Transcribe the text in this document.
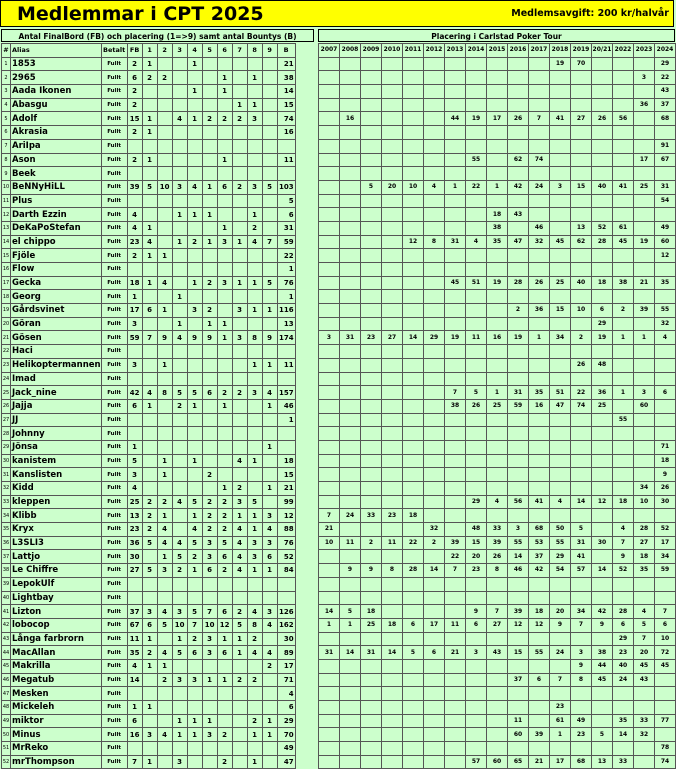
Medlemmar i CPT 2025	Medlemsavgift: 200 kr/halvår
Antal FinalBord (FB) och placering (1=>9) samt antal Bountys (B)	Placering i Carlstad Poker Tour
#	Alias	Betalt	FB	1	2	3	4	5	6	7	8	9	B
1	1853	Fullt	2	1			1						21
2	2965	Fullt	6	2	2				1		1		38
3	Aada Ikonen	Fullt	2				1		1				14
4	Abasgu	Fullt	2							1	1		15
5	Adolf	Fullt	15	1		4	1	2	2	2	3		74
6	Akrasia	Fullt	2	1									16
7	AriIpa	Fullt											
8	Ason	Fullt	2	1					1				11
9	Beek	Fullt											
10	BeNNyHiLL	Fullt	39	5	10	3	4	1	6	2	3	5	103
11	Plus	Fullt											5
12	Darth Ezzin	Fullt	4			1	1	1			1		6
13	DeKaPoStefan	Fullt	4	1					1		2		31
14	el chippo	Fullt	23	4		1	2	1	3	1	4	7	59
15	Fjöle	Fullt	2	1	1								22
16	Flow	Fullt											1
17	Gecka	Fullt	18	1	4		1	2	3	1	1	5	76
18	Georg	Fullt	1			1							1
19	Gårdsvinet	Fullt	17	6	1		3	2		3	1	1	116
20	Göran	Fullt	3			1		1	1				13
21	Gösen	Fullt	59	7	9	4	9	9	1	3	8	9	174
22	Haci	Fullt											
23	Helikoptermannen	Fullt	3		1						1	1	11
24	Imad	Fullt											
25	Jack_nine	Fullt	42	4	8	5	5	6	2	2	3	4	157
26	Jajja	Fullt	6	1		2	1		1			1	46
27	JJ	Fullt											1
28	Johnny	Fullt											
29	Jönsa	Fullt	1									1	
30	kanistem	Fullt	5		1		1			4	1		18
31	Kanslisten	Fullt	3		1			2					15
32	Kidd	Fullt	4						1	2		1	21
33	kleppen	Fullt	25	2	2	4	5	2	2	3	5		99
34	Klibb	Fullt	13	2	1		1	2	2	1	1	3	12
35	Kryx	Fullt	23	2	4		4	2	2	4	1	4	88
36	L3SLI3	Fullt	36	5	4	4	5	3	5	4	3	3	76
37	Lattjo	Fullt	30		1	5	2	3	6	4	3	6	52
38	Le Chiffre	Fullt	27	5	3	2	1	6	2	4	1	1	84
39	LepokUlf	Fullt											
40	Lightbay	Fullt											
41	Lizton	Fullt	37	3	4	3	5	7	6	2	4	3	126
42	lobocop	Fullt	67	6	5	10	7	10	12	5	8	4	162
43	Långa farbrorn	Fullt	11	1		1	2	3	1	1	2		30
44	MacAllan	Fullt	35	2	4	5	6	3	6	1	4	4	89
45	Makrilla	Fullt	4	1	1							2	17
46	Megatub	Fullt	14		2	3	3	1	1	2	2		71
47	Mesken	Fullt											4
48	Mickeleh	Fullt	1	1									6
49	miktor	Fullt	6			1	1	1			2	1	29
50	Minus	Fullt	16	3	4	1	1	3	2		1	1	70
51	MrReko	Fullt											49
52	mrThompson	Fullt	7	1		3			2		1		47
2007	2008	2009	2010	2011	2012	2013	2014	2015	2016	2017	2018	2019	20/21	2022	2023	2024
											19	70				29
															3	22
																43
															36	37
	16					44	19	17	26	7	41	27	26	56		68

																91
							55		62	74					17	67

		5	20	10	4	1	22	1	42	24	3	15	40	41	25	31
																54
								18	43							
								38		46		13	52	61		49
				12	8	31	4	35	47	32	45	62	28	45	19	60
																12

						45	51	19	28	26	25	40	18	38	21	35

									2	36	15	10	6	2	39	55
													29			32
3	31	23	27	14	29	19	11	16	19	1	34	2	19	1	1	4

												26	48			

						7	5	1	31	35	51	22	36	1	3	6
						38	26	25	59	16	47	74	25		60	
														55		

																71
																18
																9
															34	26
							29	4	56	41	4	14	12	18	10	30
7	24	33	23	18												
21					32		48	33	3	68	50	5		4	28	52
10	11	2	11	22	2	39	15	39	55	53	55	31	30	7	27	17
						22	20	26	14	37	29	41		9	18	34
	9	9	8	28	14	7	23	8	46	42	54	57	14	52	35	59

14	5	18					9	7	39	18	20	34	42	28	4	7
1	1	25	18	6	17	11	6	27	12	12	9	7	9	6	5	6
														29	7	10
31	14	31	14	5	6	21	3	43	15	55	24	3	38	23	20	72
												9	44	40	45	45
									37	6	7	8	45	24	43	

											23					
									11		61	49		35	33	77
									60	39	1	23	5	14	32	
																78
							57	60	65	21	17	68	13	33		74
